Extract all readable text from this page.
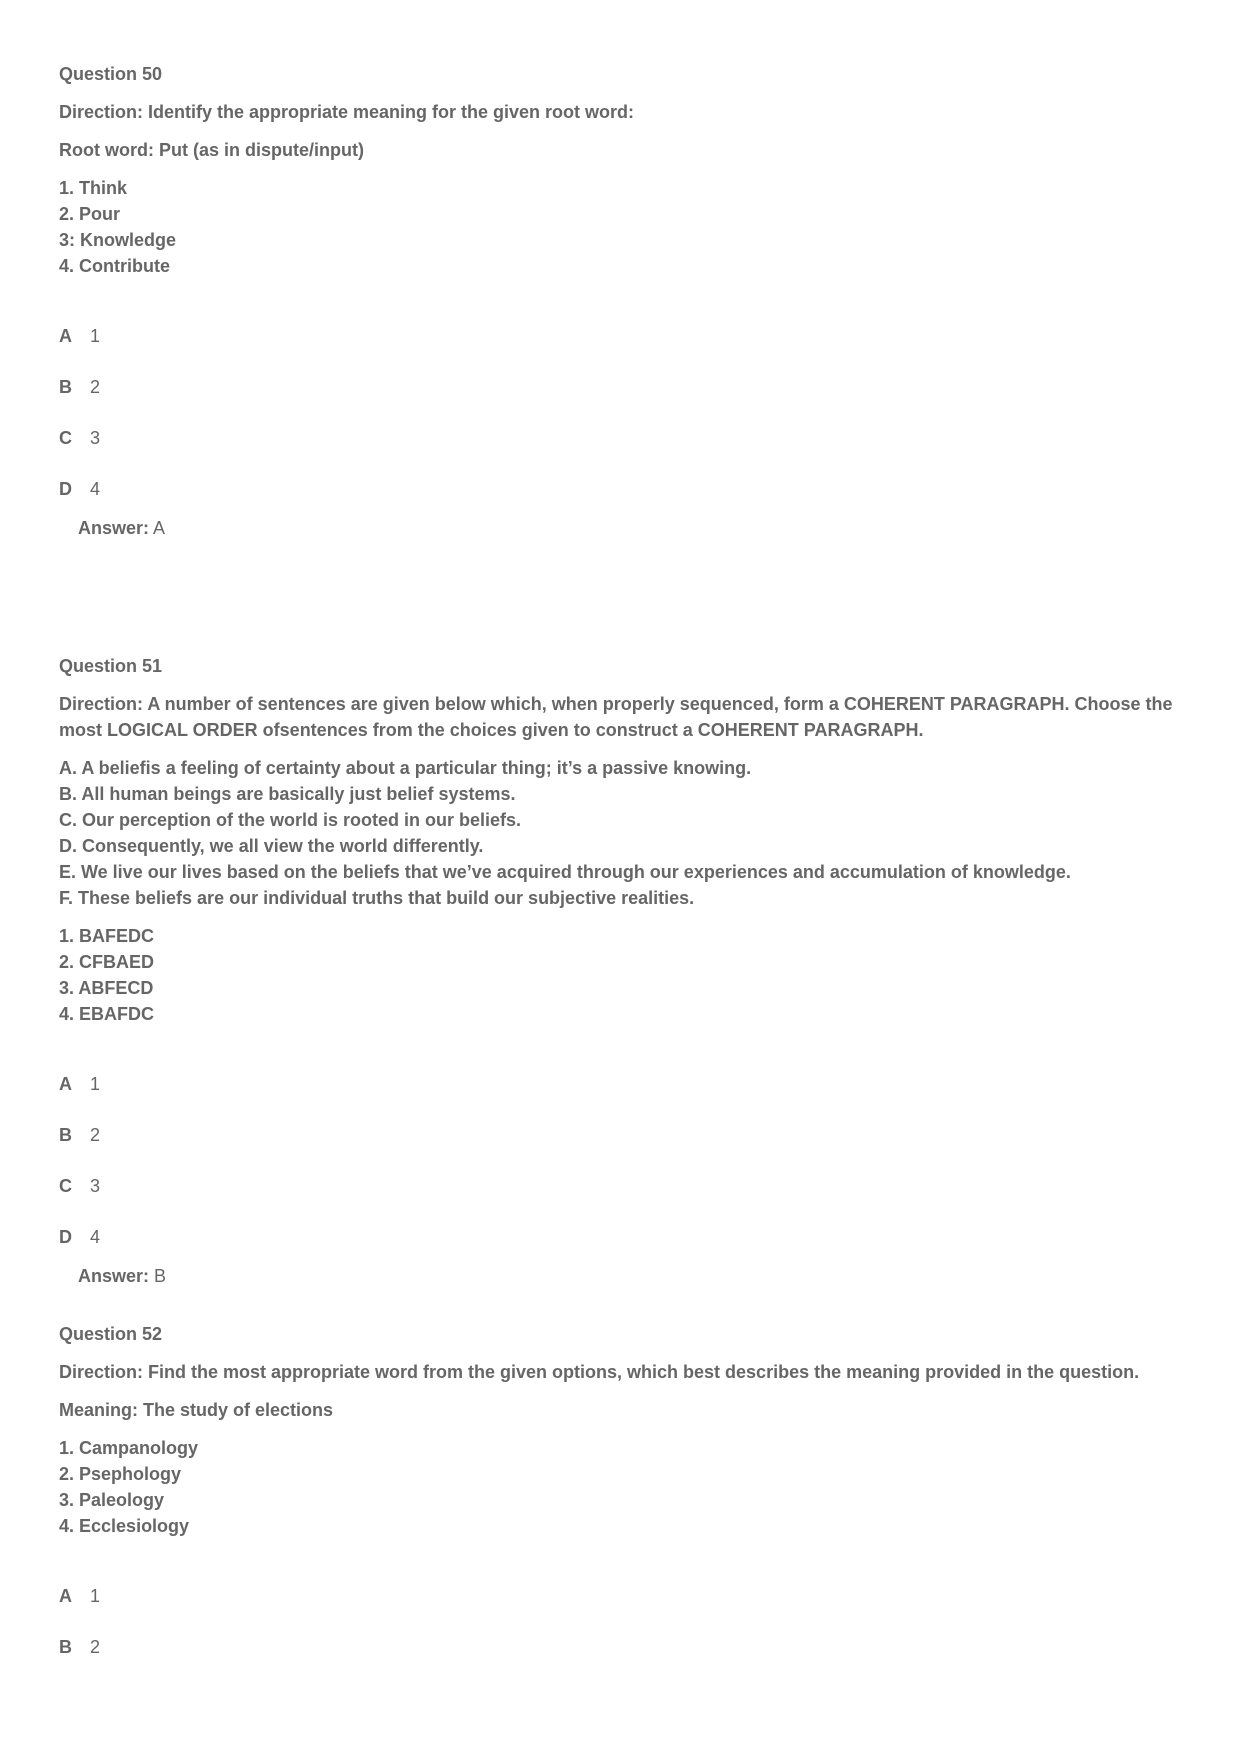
Question 50

Direction: Identify the appropriate meaning for the given root word:

Root word: Put (as in dispute/input)

1. Think
2. Pour
3: Knowledge
4. Contribute
A 1
B 2
C 3
D 4
Answer: A

Question 51

Direction: A number of sentences are given below which, when properly sequenced, form a COHERENT PARAGRAPH. Choose the most LOGICAL ORDER ofsentences from the choices given to construct a COHERENT PARAGRAPH.

A. A beliefis a feeling of certainty about a particular thing; it’s a passive knowing.
B. All human beings are basically just belief systems.
C. Our perception of the world is rooted in our beliefs.
D. Consequently, we all view the world differently.
E. We live our lives based on the beliefs that we’ve acquired through our experiences and accumulation of knowledge.
F. These beliefs are our individual truths that build our subjective realities.
1. BAFEDC
2. CFBAED
3. ABFECD
4. EBAFDC
A 1
B 2
C 3
D 4
Answer: B

Question 52

Direction: Find the most appropriate word from the given options, which best describes the meaning provided in the question.

Meaning: The study of elections

1. Campanology
2. Psephology
3. Paleology
4. Ecclesiology
A 1
B 2
